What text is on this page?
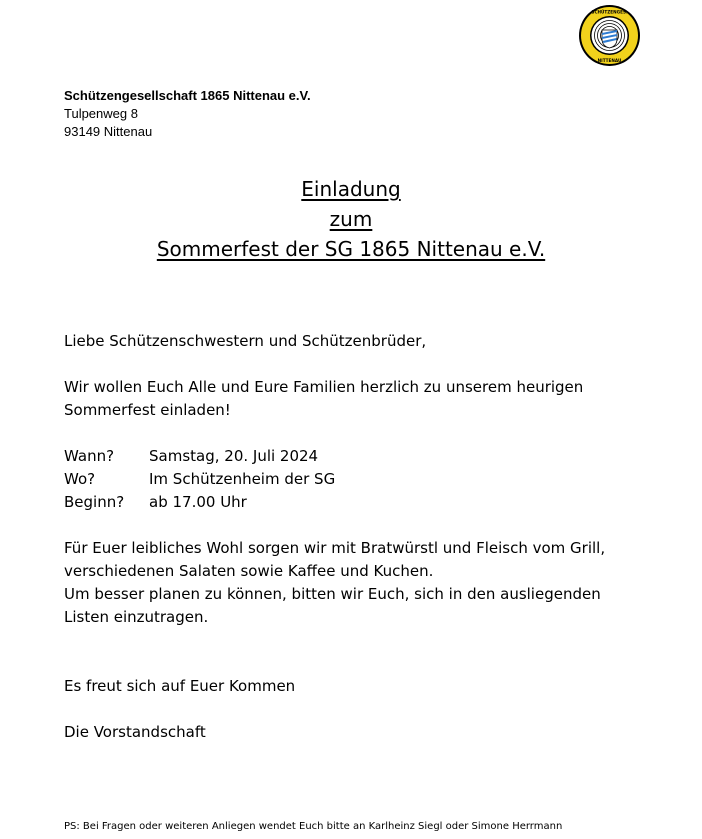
SCHÜTZENGES.
NITTENAU
Schützengesellschaft 1865 Nittenau e.V.
Tulpenweg 8
93149 Nittenau
Einladung
zum
Sommerfest der SG 1865 Nittenau e.V.

Liebe Schützenschwestern und Schützenbrüder,

Wir wollen Euch Alle und Eure Familien herzlich zu unserem heurigen

Sommerfest einladen!

Wann?	Samstag, 20. Juli 2024
Wo?	Im Schützenheim der SG
Beginn?	ab 17.00 Uhr

Für Euer leibliches Wohl sorgen wir mit Bratwürstl und Fleisch vom Grill,

verschiedenen Salaten sowie Kaffee und Kuchen.

Um besser planen zu können, bitten wir Euch, sich in den ausliegenden

Listen einzutragen.

Es freut sich auf Euer Kommen

Die Vorstandschaft

PS: Bei Fragen oder weiteren Anliegen wendet Euch bitte an Karlheinz Siegl oder Simone Herrmann
